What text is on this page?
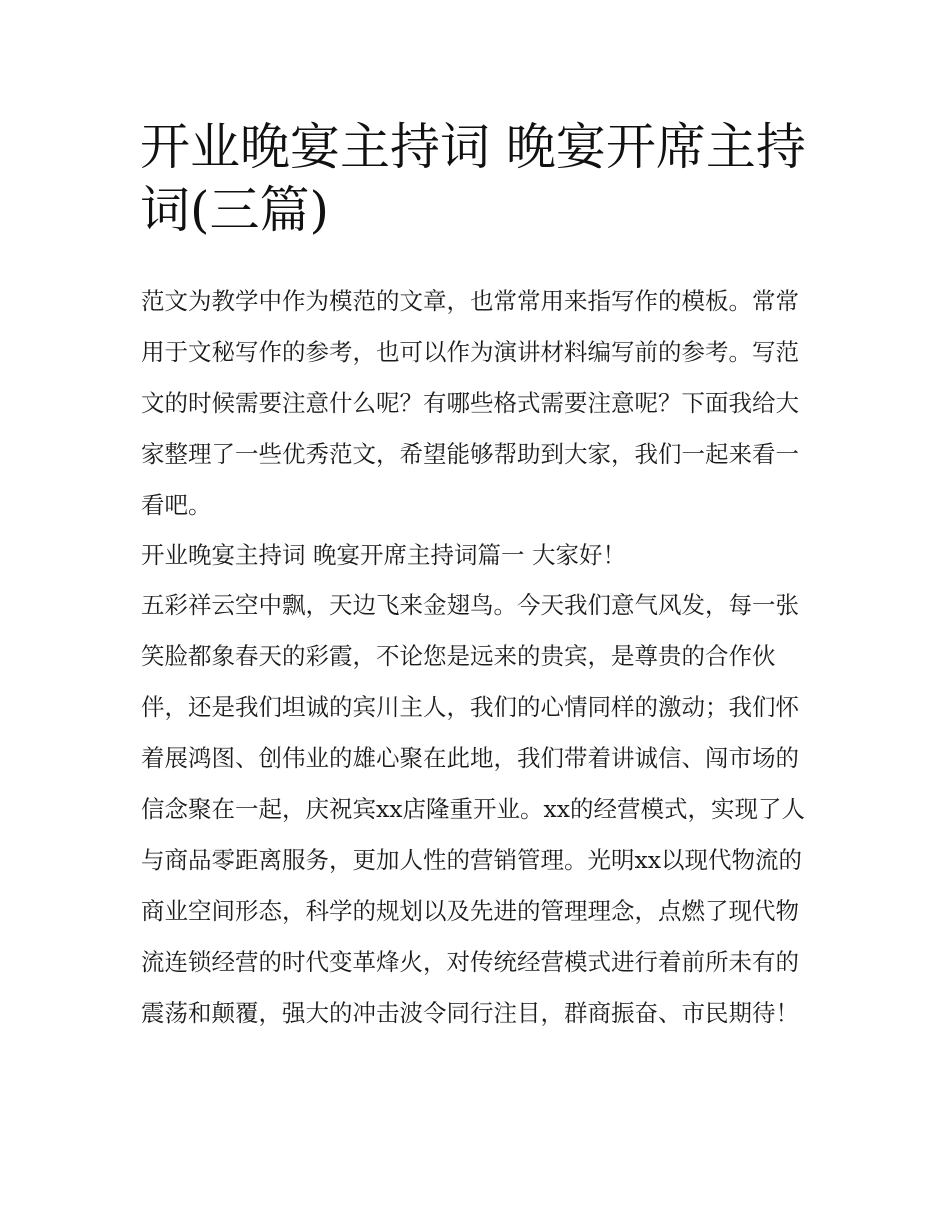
开业晚宴主持词 晚宴开席主持词(三篇)

范文为教学中作为模范的文章，也常常用来指写作的模板。常常用于文秘写作的参考，也可以作为演讲材料编写前的参考。写范文的时候需要注意什么呢？有哪些格式需要注意呢？下面我给大家整理了一些优秀范文，希望能够帮助到大家，我们一起来看一看吧。

开业晚宴主持词 晚宴开席主持词篇一 大家好！

五彩祥云空中飘，天边飞来金翅鸟。今天我们意气风发，每一张笑脸都象春天的彩霞，不论您是远来的贵宾，是尊贵的合作伙伴，还是我们坦诚的宾川主人，我们的心情同样的激动；我们怀着展鸿图、创伟业的雄心聚在此地，我们带着讲诚信、闯市场的信念聚在一起，庆祝宾xx店隆重开业。xx的经营模式，实现了人与商品零距离服务，更加人性的营销管理。光明xx以现代物流的商业空间形态，科学的规划以及先进的管理理念，点燃了现代物流连锁经营的时代变革烽火，对传统经营模式进行着前所未有的震荡和颠覆，强大的冲击波令同行注目，群商振奋、市民期待！
